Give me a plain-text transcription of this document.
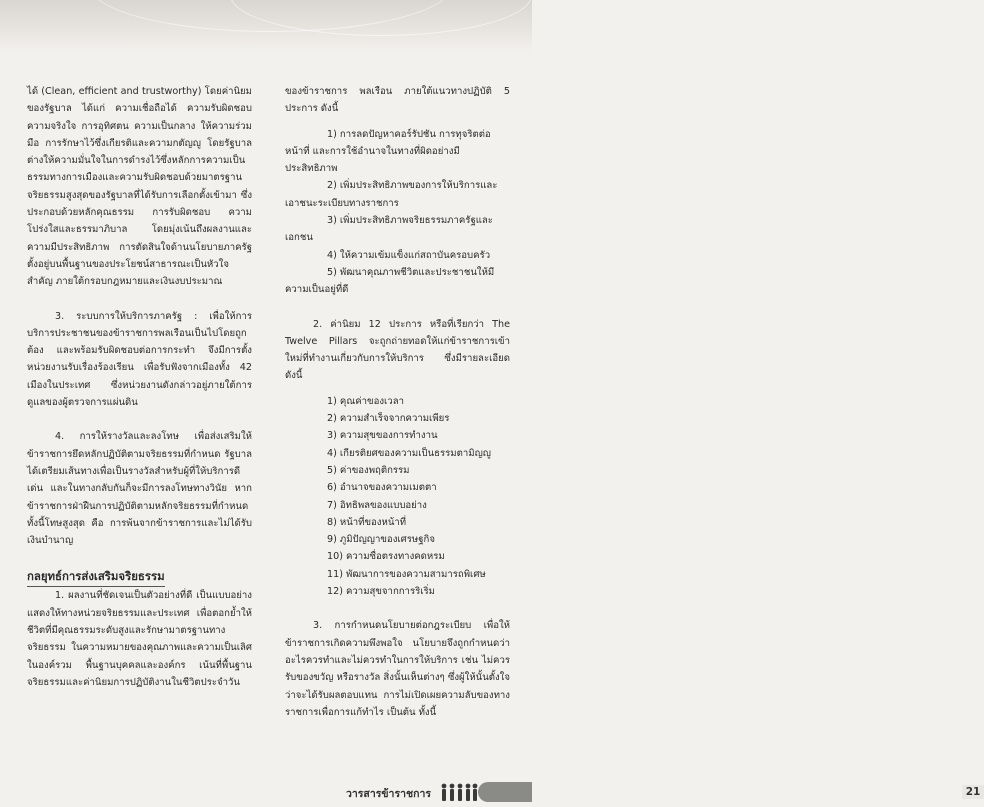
ได้ (Clean, efficient and trustworthy) โดยค่านิยมของรัฐบาล ได้แก่ ความเชื่อถือได้ ความรับผิดชอบ ความจริงใจ การอุทิศตน ความเป็นกลาง ให้ความร่วมมือ การรักษาไว้ซึ่งเกียรติและความกตัญญู โดยรัฐบาลต่างให้ความมั่นใจในการดำรงไว้ซึ่งหลักการความเป็นธรรมทางการเมืองและความรับผิดชอบด้วยมาตรฐานจริยธรรมสูงสุดของรัฐบาลที่ได้รับการเลือกตั้งเข้ามา ซึ่งประกอบด้วยหลักคุณธรรม การรับผิดชอบ ความโปร่งใสและธรรมาภิบาล โดยมุ่งเน้นถึงผลงานและความมีประสิทธิภาพ การตัดสินใจด้านนโยบายภาครัฐตั้งอยู่บนพื้นฐานของประโยชน์สาธารณะเป็นหัวใจสำคัญ ภายใต้กรอบกฎหมายและเงินงบประมาณ

3. ระบบการให้บริการภาครัฐ : เพื่อให้การบริการประชาชนของข้าราชการพลเรือนเป็นไปโดยถูกต้อง และพร้อมรับผิดชอบต่อการกระทำ จึงมีการตั้งหน่วยงานรับเรื่องร้องเรียน เพื่อรับฟังจากเมืองทั้ง 42 เมืองในประเทศ ซึ่งหน่วยงานดังกล่าวอยู่ภายใต้การดูแลของผู้ตรวจการแผ่นดิน

4. การให้รางวัลและลงโทษ เพื่อส่งเสริมให้ข้าราชการยึดหลักปฏิบัติตามจริยธรรมที่กำหนด รัฐบาลได้เตรียมเส้นทางเพื่อเป็นรางวัลสำหรับผู้ที่ให้บริการดีเด่น และในทางกลับกันก็จะมีการลงโทษทางวินัย หากข้าราชการฝ่าฝืนการปฏิบัติตามหลักจริยธรรมที่กำหนด ทั้งนี้โทษสูงสุด คือ การพ้นจากข้าราชการและไม่ได้รับเงินบำนาญ

กลยุทธ์การส่งเสริมจริยธรรม

1. ผลงานที่ชัดเจนเป็นตัวอย่างที่ดี เป็นแบบอย่างแสดงให้ทางหน่วยจริยธรรมและประเทศ เพื่อตอกย้ำให้ชีวิตที่มีคุณธรรมระดับสูงและรักษามาตรฐานทางจริยธรรม ในความหมายของคุณภาพและความเป็นเลิศในองค์รวม พื้นฐานบุคคลและองค์กร เน้นที่พื้นฐานจริยธรรมและค่านิยมการปฏิบัติงานในชีวิตประจำวัน

ของข้าราชการ พลเรือน ภายใต้แนวทางปฏิบัติ 5 ประการ ดังนี้

1) การลดปัญหาคอร์รัปชัน การทุจริตต่อหน้าที่ และการใช้อำนาจในทางที่ผิดอย่างมีประสิทธิภาพ
2) เพิ่มประสิทธิภาพของการให้บริการและเอาชนะระเบียบทางราชการ
3) เพิ่มประสิทธิภาพจริยธรรมภาครัฐและเอกชน
4) ให้ความเข้มแข็งแก่สถาบันครอบครัว
5) พัฒนาคุณภาพชีวิตและประชาชนให้มีความเป็นอยู่ที่ดี

2. ค่านิยม 12 ประการ หรือที่เรียกว่า The Twelve Pillars จะถูกถ่ายทอดให้แก่ข้าราชการเข้าใหม่ที่ทำงานเกี่ยวกับการให้บริการ ซึ่งมีรายละเอียดดังนี้

1) คุณค่าของเวลา
2) ความสำเร็จจากความเพียร
3) ความสุขของการทำงาน
4) เกียรติยศของความเป็นธรรมตามิญญู
5) ค่าของพฤติกรรม
6) อำนาจของความเมตตา
7) อิทธิพลของแบบอย่าง
8) หน้าที่ของหน้าที่
9) ภูมิปัญญาของเศรษฐกิจ
10) ความซื่อตรงทางคดหรม
11) พัฒนาการของความสามารถพิเศษ
12) ความสุขจากการริเริ่ม

3. การกำหนดนโยบายต่อกฎระเบียบ เพื่อให้ข้าราชการเกิดความพึงพอใจ นโยบายจึงถูกกำหนดว่าอะไรควรทำและไม่ควรทำในการให้บริการ เช่น ไม่ควรรับของขวัญ หรือรางวัล สิ่งนั้นเห็นต่างๆ ซึ่งผู้ให้นั้นตั้งใจว่าจะได้รับผลตอบแทน การไม่เปิดเผยความลับของทางราชการเพื่อการแก้ทำไร เป็นต้น ทั้งนี้

วารสารข้าราชการ	21
